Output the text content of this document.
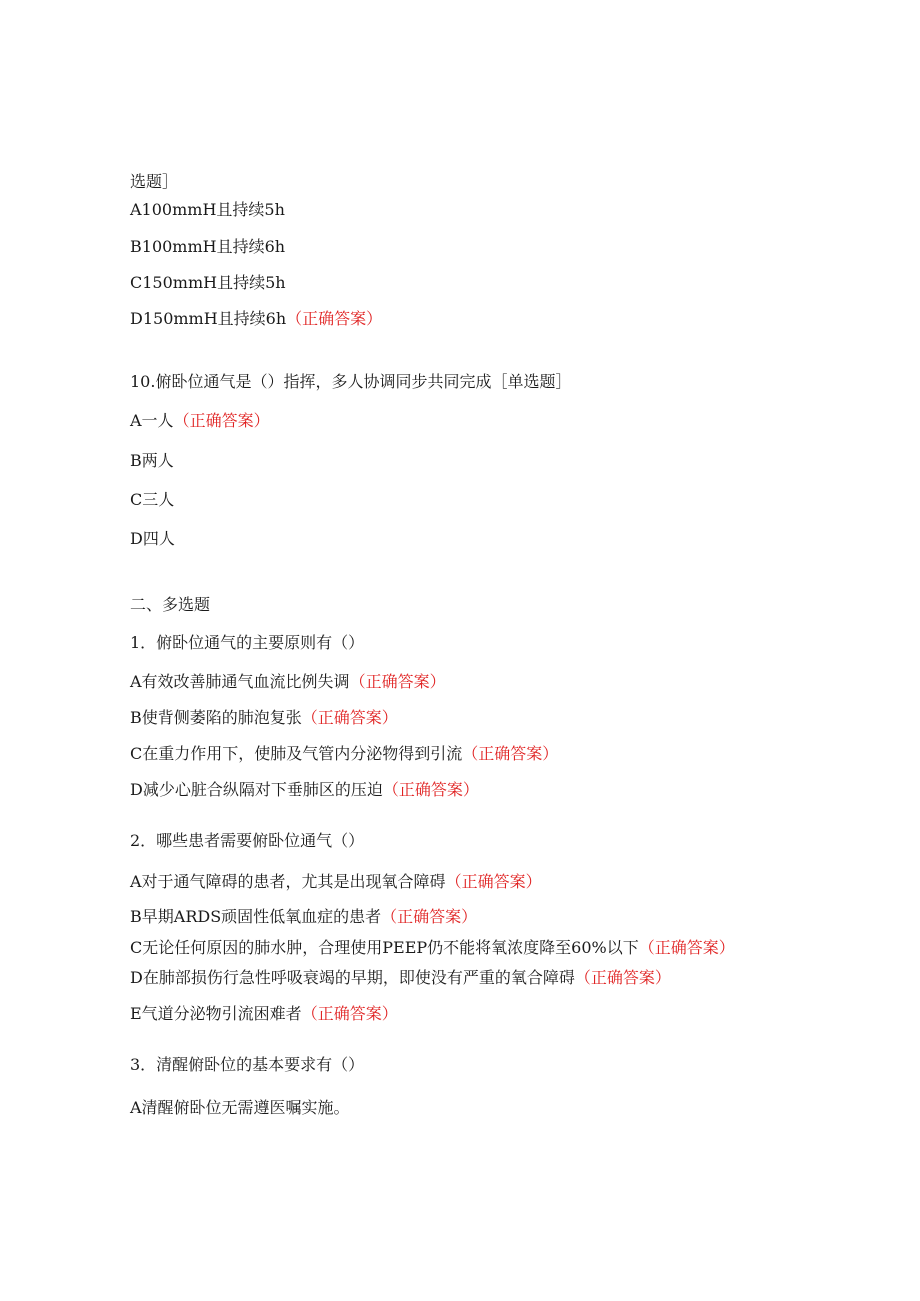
选题］
A100mmH且持续5h
B100mmH且持续6h
C150mmH且持续5h
D150mmH且持续6h（正确答案）
10.俯卧位通气是（）指挥，多人协调同步共同完成［单选题］
A一人（正确答案）
B两人
C三人
D四人
二、多选题
1．俯卧位通气的主要原则有（）
A有效改善肺通气血流比例失调（正确答案）
B使背侧萎陷的肺泡复张（正确答案）
C在重力作用下，使肺及气管内分泌物得到引流（正确答案）
D减少心脏合纵隔对下垂肺区的压迫（正确答案）
2．哪些患者需要俯卧位通气（）
A对于通气障碍的患者，尤其是出现氧合障碍（正确答案）
B早期ARDS顽固性低氧血症的患者（正确答案）
C无论任何原因的肺水肿，合理使用PEEP仍不能将氧浓度降至60%以下（正确答案）
D在肺部损伤行急性呼吸衰竭的早期，即使没有严重的氧合障碍（正确答案）
E气道分泌物引流困难者（正确答案）
3．清醒俯卧位的基本要求有（）
A清醒俯卧位无需遵医嘱实施。
